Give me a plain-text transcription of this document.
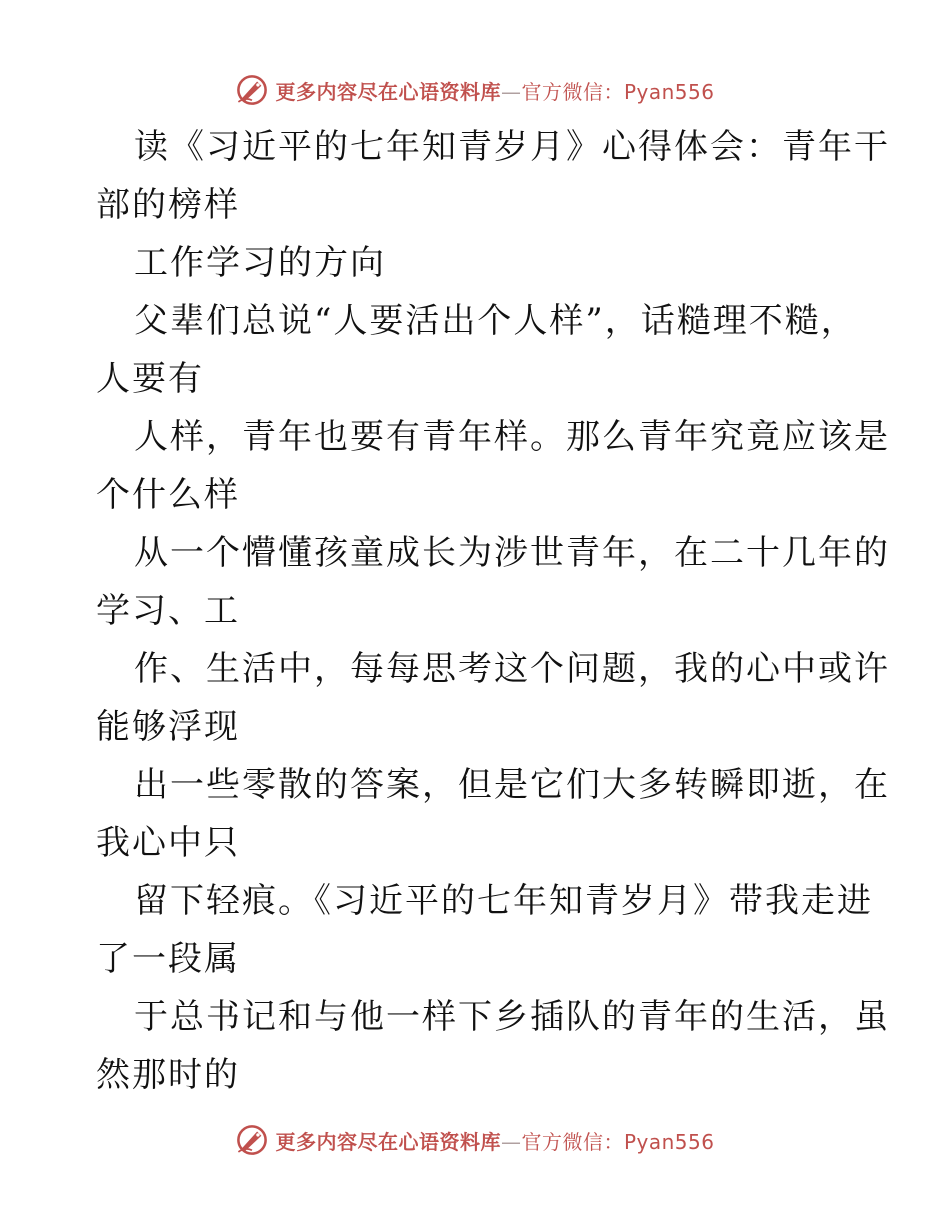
更多内容尽在心语资料库—官方微信：Pyan556
读《习近平的七年知青岁月》心得体会：青年干
部的榜样
工作学习的方向
父辈们总说“人要活出个人样”，话糙理不糙，
人要有
人样，青年也要有青年样。那么青年究竟应该是
个什么样
从一个懵懂孩童成长为涉世青年，在二十几年的
学习、工
作、生活中，每每思考这个问题，我的心中或许
能够浮现
出一些零散的答案，但是它们大多转瞬即逝，在
我心中只
留下轻痕。《习近平的七年知青岁月》带我走进
了一段属
于总书记和与他一样下乡插队的青年的生活，虽
然那时的
更多内容尽在心语资料库—官方微信：Pyan556
